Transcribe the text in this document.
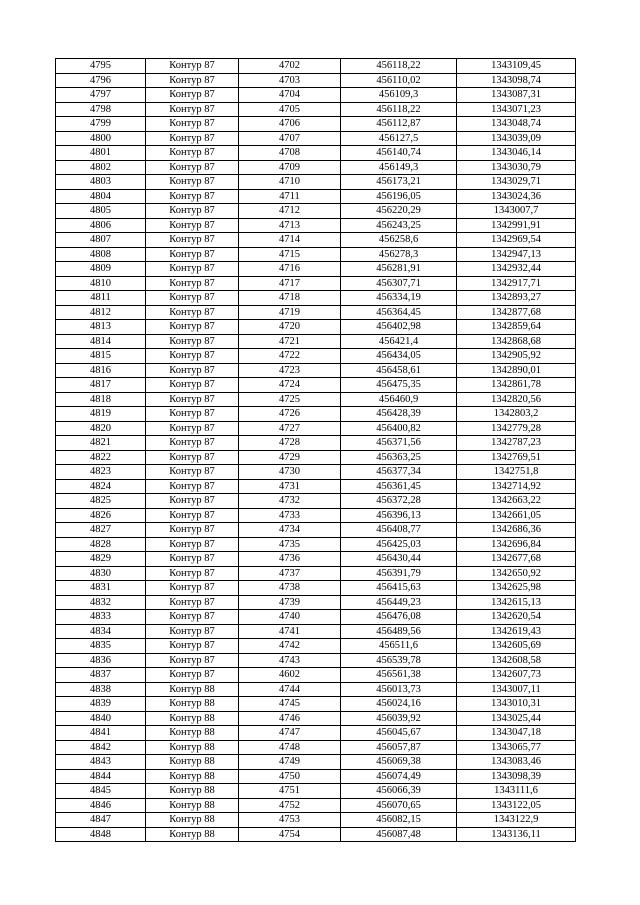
4795	Контур 87	4702	456118,22	1343109,45
4796	Контур 87	4703	456110,02	1343098,74
4797	Контур 87	4704	456109,3	1343087,31
4798	Контур 87	4705	456118,22	1343071,23
4799	Контур 87	4706	456112,87	1343048,74
4800	Контур 87	4707	456127,5	1343039,09
4801	Контур 87	4708	456140,74	1343046,14
4802	Контур 87	4709	456149,3	1343030,79
4803	Контур 87	4710	456173,21	1343029,71
4804	Контур 87	4711	456196,05	1343024,36
4805	Контур 87	4712	456220,29	1343007,7
4806	Контур 87	4713	456243,25	1342991,91
4807	Контур 87	4714	456258,6	1342969,54
4808	Контур 87	4715	456278,3	1342947,13
4809	Контур 87	4716	456281,91	1342932,44
4810	Контур 87	4717	456307,71	1342917,71
4811	Контур 87	4718	456334,19	1342893,27
4812	Контур 87	4719	456364,45	1342877,68
4813	Контур 87	4720	456402,98	1342859,64
4814	Контур 87	4721	456421,4	1342868,68
4815	Контур 87	4722	456434,05	1342905,92
4816	Контур 87	4723	456458,61	1342890,01
4817	Контур 87	4724	456475,35	1342861,78
4818	Контур 87	4725	456460,9	1342820,56
4819	Контур 87	4726	456428,39	1342803,2
4820	Контур 87	4727	456400,82	1342779,28
4821	Контур 87	4728	456371,56	1342787,23
4822	Контур 87	4729	456363,25	1342769,51
4823	Контур 87	4730	456377,34	1342751,8
4824	Контур 87	4731	456361,45	1342714,92
4825	Контур 87	4732	456372,28	1342663,22
4826	Контур 87	4733	456396,13	1342661,05
4827	Контур 87	4734	456408,77	1342686,36
4828	Контур 87	4735	456425,03	1342696,84
4829	Контур 87	4736	456430,44	1342677,68
4830	Контур 87	4737	456391,79	1342650,92
4831	Контур 87	4738	456415,63	1342625,98
4832	Контур 87	4739	456449,23	1342615,13
4833	Контур 87	4740	456476,08	1342620,54
4834	Контур 87	4741	456489,56	1342619,43
4835	Контур 87	4742	456511,6	1342605,69
4836	Контур 87	4743	456539,78	1342608,58
4837	Контур 87	4602	456561,38	1342607,73
4838	Контур 88	4744	456013,73	1343007,11
4839	Контур 88	4745	456024,16	1343010,31
4840	Контур 88	4746	456039,92	1343025,44
4841	Контур 88	4747	456045,67	1343047,18
4842	Контур 88	4748	456057,87	1343065,77
4843	Контур 88	4749	456069,38	1343083,46
4844	Контур 88	4750	456074,49	1343098,39
4845	Контур 88	4751	456066,39	1343111,6
4846	Контур 88	4752	456070,65	1343122,05
4847	Контур 88	4753	456082,15	1343122,9
4848	Контур 88	4754	456087,48	1343136,11
